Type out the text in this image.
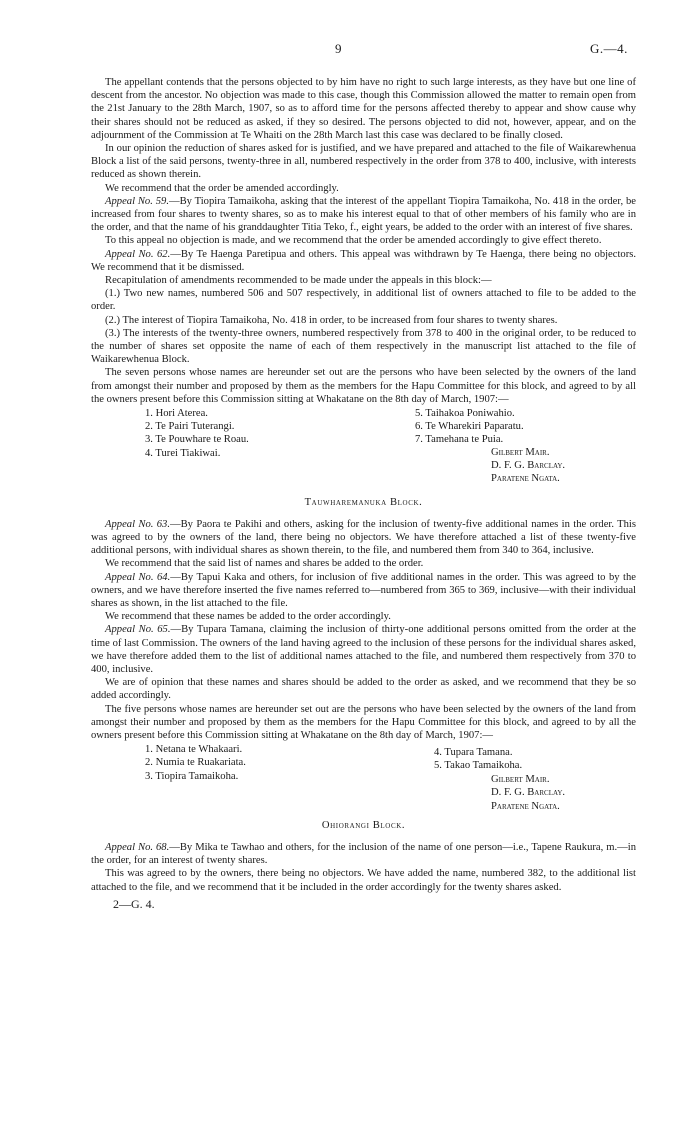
9	G.—4.

The appellant contends that the persons objected to by him have no right to such large interests, as they have but one line of descent from the ancestor. No objection was made to this case, though this Commission allowed the matter to remain open from the 21st January to the 28th March, 1907, so as to afford time for the persons affected thereby to appear and show cause why their shares should not be reduced as asked, if they so desired. The persons objected to did not, however, appear, and on the adjournment of the Commission at Te Whaiti on the 28th March last this case was declared to be finally closed.

In our opinion the reduction of shares asked for is justified, and we have prepared and attached to the file of Waikarewhenua Block a list of the said persons, twenty-three in all, numbered respectively in the order from 378 to 400, inclusive, with interests reduced as shown therein.

We recommend that the order be amended accordingly.

Appeal No. 59.—By Tiopira Tamaikoha, asking that the interest of the appellant Tiopira Tamaikoha, No. 418 in the order, be increased from four shares to twenty shares, so as to make his interest equal to that of other members of his family who are in the order, and that the name of his granddaughter Titia Teko, f., eight years, be added to the order with an interest of five shares.

To this appeal no objection is made, and we recommend that the order be amended accordingly to give effect thereto.

Appeal No. 62.—By Te Haenga Paretipua and others. This appeal was withdrawn by Te Haenga, there being no objectors. We recommend that it be dismissed.

Recapitulation of amendments recommended to be made under the appeals in this block:—

(1.) Two new names, numbered 506 and 507 respectively, in additional list of owners attached to file to be added to the order.

(2.) The interest of Tiopira Tamaikoha, No. 418 in order, to be increased from four shares to twenty shares.

(3.) The interests of the twenty-three owners, numbered respectively from 378 to 400 in the original order, to be reduced to the number of shares set opposite the name of each of them respectively in the manuscript list attached to the file of Waikarewhenua Block.

The seven persons whose names are hereunder set out are the persons who have been selected by the owners of the land from amongst their number and proposed by them as the members for the Hapu Committee for this block, and agreed to by all the owners present before this Commission sitting at Whakatane on the 8th day of March, 1907:—

1. Hori Aterea.
2. Te Pairi Tuterangi.
3. Te Pouwhare te Roau.
4. Turei Tiakiwai.
5. Taihakoa Poniwahio.
6. Te Wharekiri Paparatu.
7. Tamehana te Puia.
Gilbert Mair.
D. F. G. Barclay.
Paratene Ngata.
Tauwharemanuka Block.

Appeal No. 63.—By Paora te Pakihi and others, asking for the inclusion of twenty-five additional names in the order. This was agreed to by the owners of the land, there being no objectors. We have therefore attached a list of these twenty-five additional persons, with individual shares as shown therein, to the file, and numbered them from 340 to 364, inclusive.

We recommend that the said list of names and shares be added to the order.

Appeal No. 64.—By Tapui Kaka and others, for inclusion of five additional names in the order. This was agreed to by the owners, and we have therefore inserted the five names referred to—numbered from 365 to 369, inclusive—with their individual shares as shown, in the list attached to the file.

We recommend that these names be added to the order accordingly.

Appeal No. 65.—By Tupara Tamana, claiming the inclusion of thirty-one additional persons omitted from the order at the time of last Commission. The owners of the land having agreed to the inclusion of these persons for the individual shares asked, we have therefore added them to the list of additional names attached to the file, and numbered them respectively from 370 to 400, inclusive.

We are of opinion that these names and shares should be added to the order as asked, and we recommend that they be so added accordingly.

The five persons whose names are hereunder set out are the persons who have been selected by the owners of the land from amongst their number and proposed by them as the members for the Hapu Committee for this block, and agreed to by all the owners present before this Commission sitting at Whakatane on the 8th day of March, 1907:—

1. Netana te Whakaari.
2. Numia te Ruakariata.
3. Tiopira Tamaikoha.
4. Tupara Tamana.
5. Takao Tamaikoha.
Gilbert Mair.
D. F. G. Barclay.
Paratene Ngata.
Ohiorangi Block.

Appeal No. 68.—By Mika te Tawhao and others, for the inclusion of the name of one person—i.e., Tapene Raukura, m.—in the order, for an interest of twenty shares.

This was agreed to by the owners, there being no objectors. We have added the name, numbered 382, to the additional list attached to the file, and we recommend that it be included in the order accordingly for the twenty shares asked.

2—G. 4.
